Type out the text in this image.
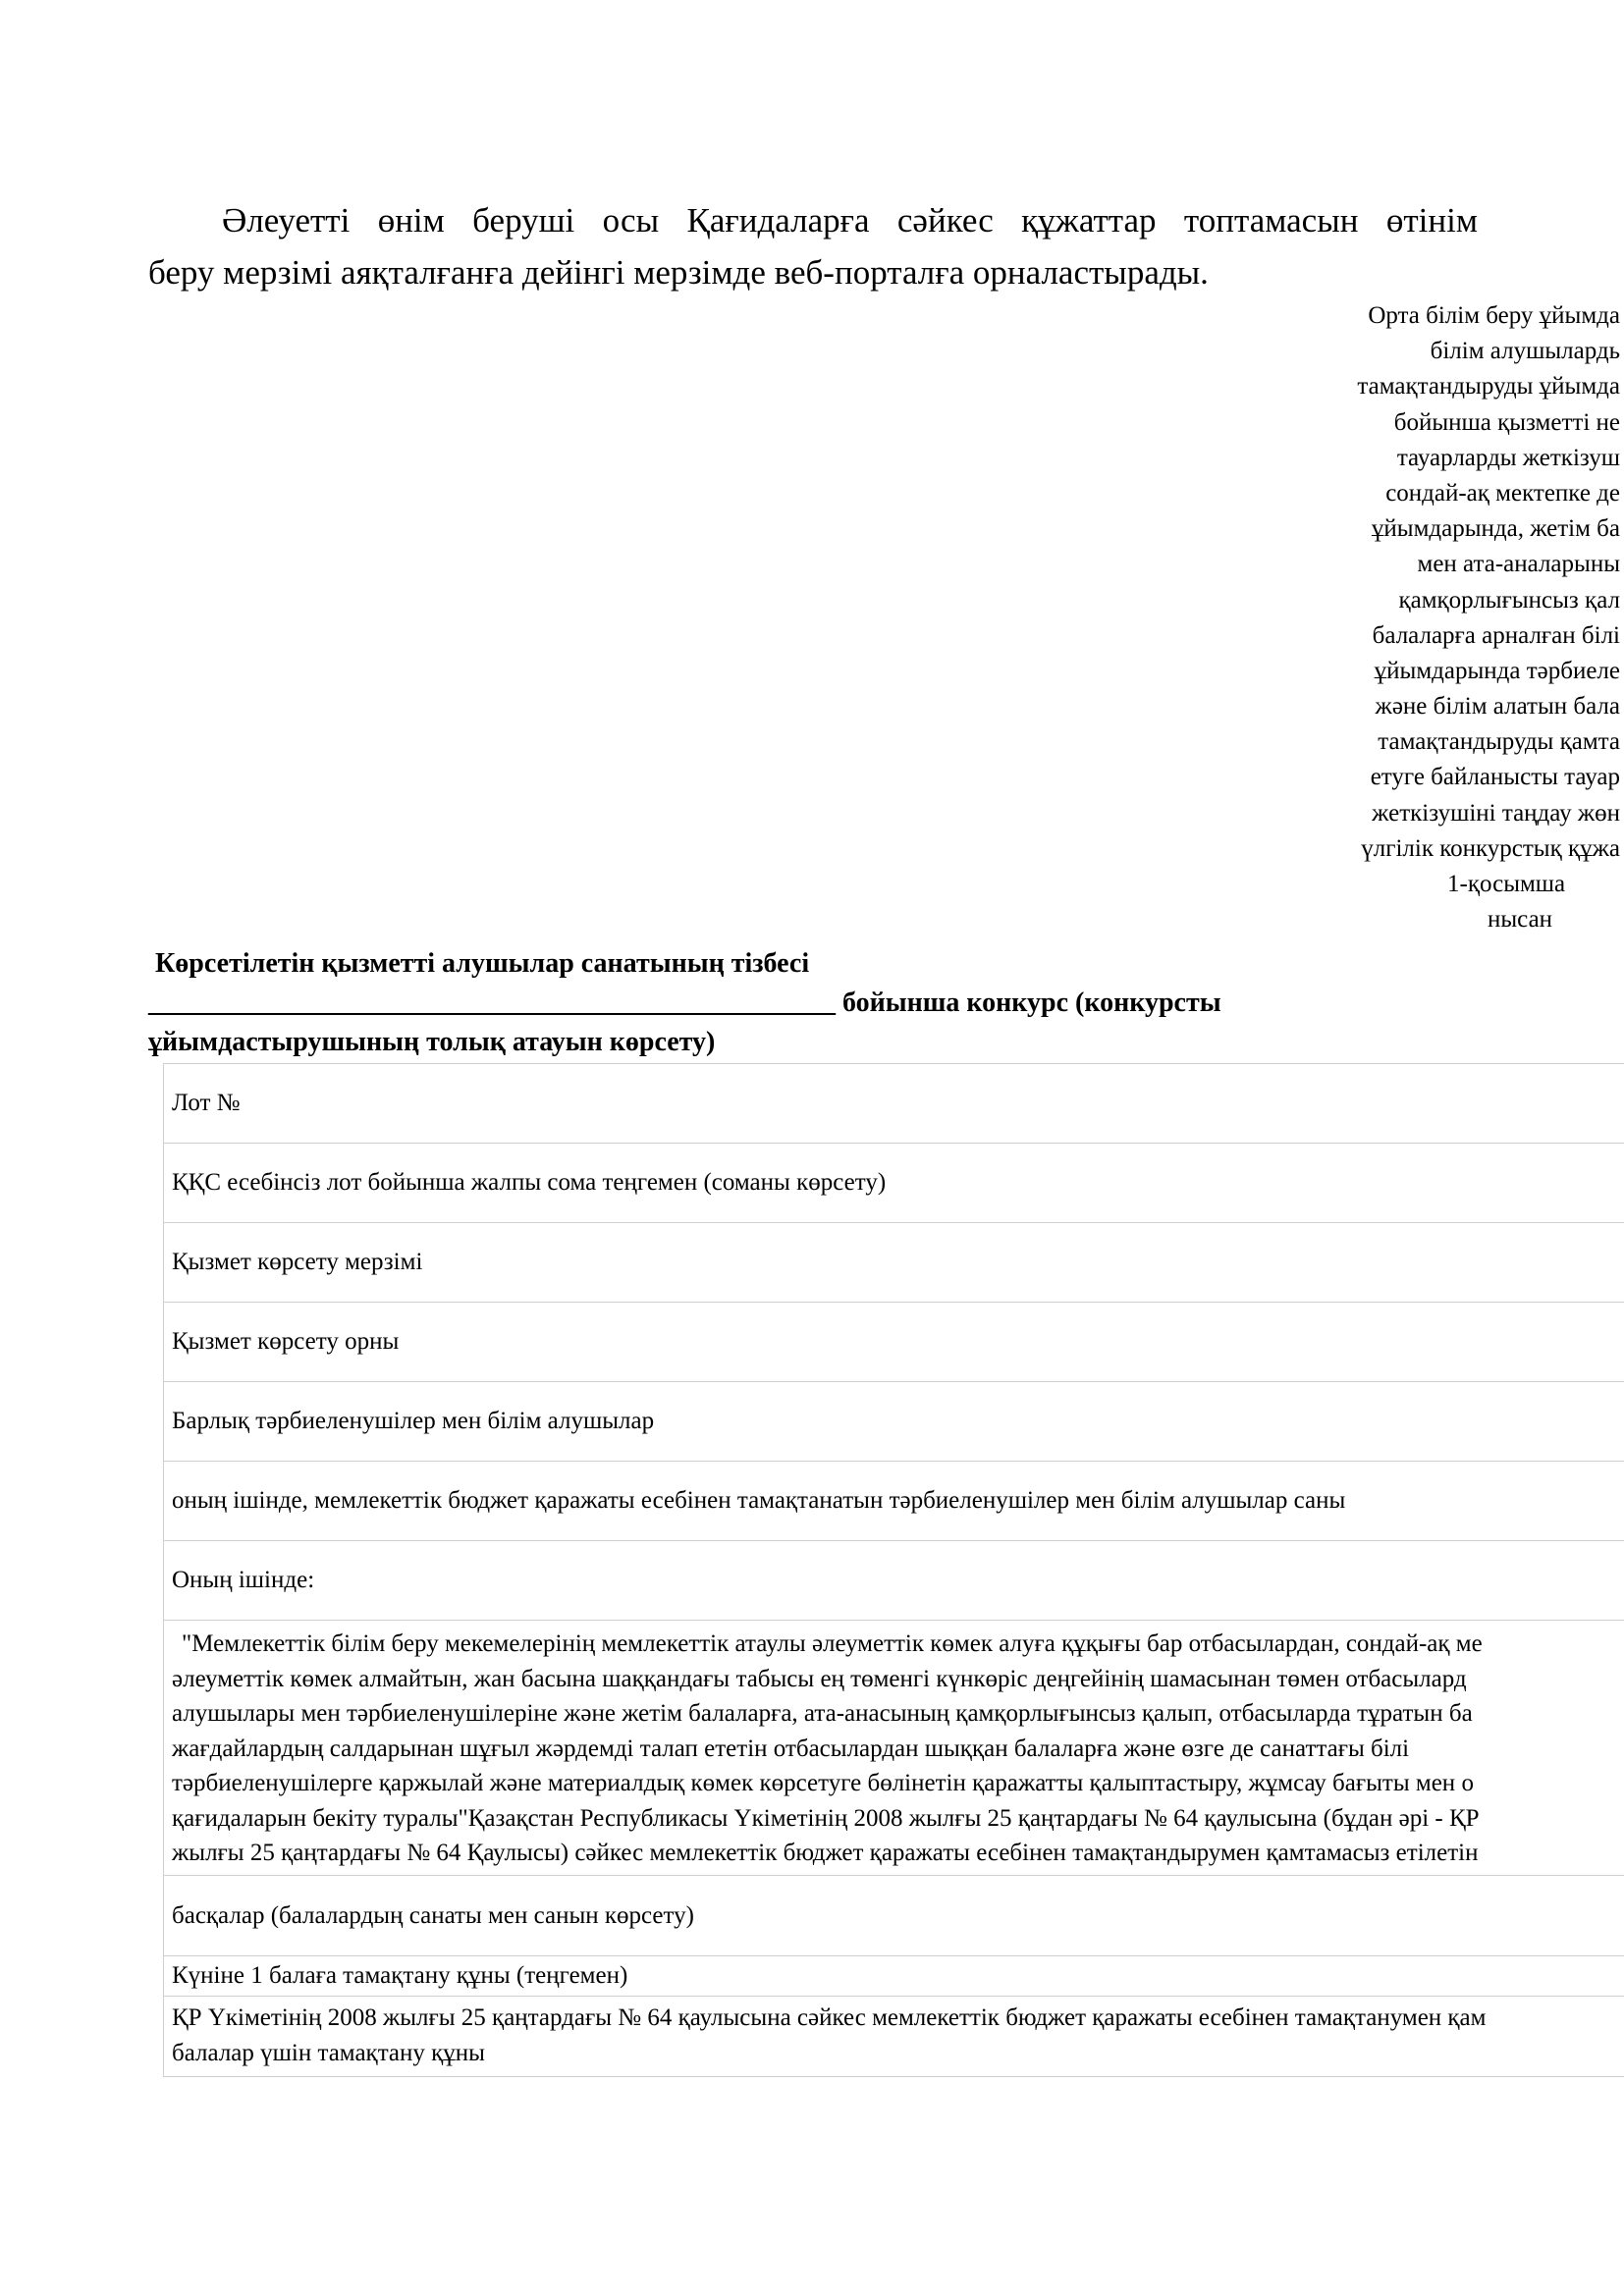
Әлеуетті өнім беруші осы Қағидаларға сәйкес құжаттар топтамасын өтінім
беру мерзімі аяқталғанға дейінгі мерзімде веб-порталға орналастырады.
Орта білім беру ұйымда
білім алушылардь
тамақтандыруды ұйымда
бойынша қызметті не
тауарларды жеткізуш
сондай-ақ мектепке де
ұйымдарында, жетім ба
мен ата-аналарыны
қамқорлығынсыз қал
балаларға арналған білі
ұйымдарында тәрбиеле
және білім алатын бала
тамақтандыруды қамта
етуге байланысты тауар
жеткізушіні таңдау жөн
үлгілік конкурстық құжа
1-қосымша
нысан
Көрсетілетін қызметті алушылар санатының тізбесі
__________________________________________________ бойынша конкурс (конкурсты
ұйымдастырушының толық атауын көрсету)
Лот №
ҚҚС есебінсіз лот бойынша жалпы сома теңгемен (соманы көрсету)
Қызмет көрсету мерзімі
Қызмет көрсету орны
Барлық тәрбиеленушілер мен білім алушылар
оның ішінде, мемлекеттік бюджет қаражаты есебінен тамақтанатын тәрбиеленушілер мен білім алушылар саны
Оның ішінде:
"Мемлекеттік білім беру мекемелерінің мемлекеттік атаулы әлеуметтік көмек алуға құқығы бар отбасылардан, сондай-ақ ме
әлеуметтік көмек алмайтын, жан басына шаққандағы табысы ең төменгі күнкөріс деңгейінің шамасынан төмен отбасылард
алушылары мен тәрбиеленушілеріне және жетім балаларға, ата-анасының қамқорлығынсыз қалып, отбасыларда тұратын ба
жағдайлардың салдарынан шұғыл жәрдемді талап ететін отбасылардан шыққан балаларға және өзге де санаттағы білі
тәрбиеленушілерге қаржылай және материалдық көмек көрсетуге бөлінетін қаражатты қалыптастыру, жұмсау бағыты мен о
қағидаларын бекіту туралы"Қазақстан Республикасы Үкіметінің 2008 жылғы 25 қаңтардағы № 64 қаулысына (бұдан әрі - ҚР
жылғы 25 қаңтардағы № 64 Қаулысы) сәйкес мемлекеттік бюджет қаражаты есебінен тамақтандырумен қамтамасыз етілетін
басқалар (балалардың санаты мен санын көрсету)
Күніне 1 балаға тамақтану құны (теңгемен)
ҚР Үкіметінің 2008 жылғы 25 қаңтардағы № 64 қаулысына сәйкес мемлекеттік бюджет қаражаты есебінен тамақтанумен қам
балалар үшін тамақтану құны
